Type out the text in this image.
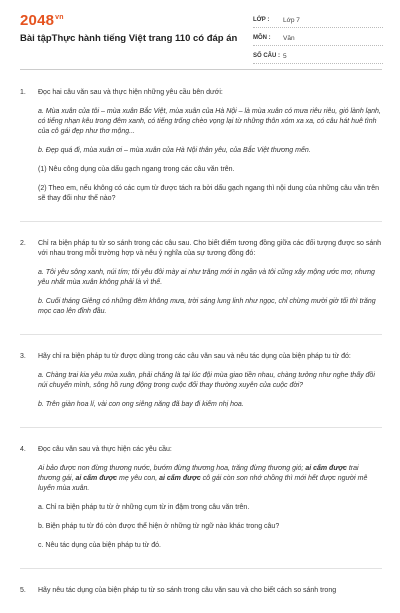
$2048^{vn}$
Bài tậpThực hành tiếng Việt trang 110 có đáp án
LỚP :	Lớp 7
MÔN :	Văn
SỐ CÂU : 5
1.	Đọc hai câu văn sau và thực hiện những yêu cầu bên dưới:

a. Mùa xuân của tôi – mùa xuân Bắc Việt, mùa xuân của Hà Nội – là mùa xuân có mưa riêu riêu, gió lành lạnh, có tiếng nhạn kêu trong đêm xanh, có tiếng trống chèo vọng lại từ những thôn xóm xa xa, có câu hát huê tình của cô gái đẹp như thơ mộng...

b. Đẹp quá đi, mùa xuân ơi – mùa xuân của Hà Nội thân yêu, của Bắc Việt thương mến.

(1) Nêu công dụng của dấu gạch ngang trong các câu văn trên.

(2) Theo em, nếu không có các cụm từ được tách ra bởi dấu gạch ngang thì nội dung của những câu văn trên sẽ thay đổi như thế nào?

2.	Chỉ ra biện pháp tu từ so sánh trong các câu sau. Cho biết điểm tương đồng giữa các đối tượng được so sánh với nhau trong mỗi trường hợp và nêu ý nghĩa của sự tương đồng đó:

a. Tôi yêu sông xanh, núi tím; tôi yêu đôi mày ai như trăng mới in ngần và tôi cũng xây mộng ước mơ, nhưng yêu nhất mùa xuân không phải là vì thế.

b. Cuối tháng Giêng có những đêm không mưa, trời sáng lung linh như ngọc, chỉ chừng mười giờ tối thì trăng mọc cao lên đỉnh đầu.

3.	Hãy chỉ ra biện pháp tu từ được dùng trong các câu văn sau và nêu tác dụng của biện pháp tu từ đó:

a. Chàng trai kia yêu mùa xuân, phải chăng là tại lúc đội mùa giao tiền nhau, chàng tưởng như nghe thấy đồi núi chuyển mình, sông hồ rung động trong cuộc đổi thay thường xuyên của cuộc đời?

b. Trên giàn hoa lí, vài con ong siêng năng đã bay đi kiếm nhị hoa.

4.	Đọc câu văn sau và thực hiện các yêu cầu:

Ai bảo được non đừng thương nước, bướm đừng thương hoa, trăng đừng thương gió; ai cấm được trai thương gái, ai cấm được mẹ yêu con, ai cấm được cô gái còn son nhớ chồng thì mới hết được người mê luyến mùa xuân.

a. Chỉ ra biện pháp tu từ ở những cụm từ in đậm trong câu văn trên.

b. Biện pháp tu từ đó còn được thể hiện ở những từ ngữ nào khác trong câu?

c. Nêu tác dụng của biện pháp tu từ đó.

5.	Hãy nêu tác dụng của biện pháp tu từ so sánh trong câu văn sau và cho biết cách so sánh trong
